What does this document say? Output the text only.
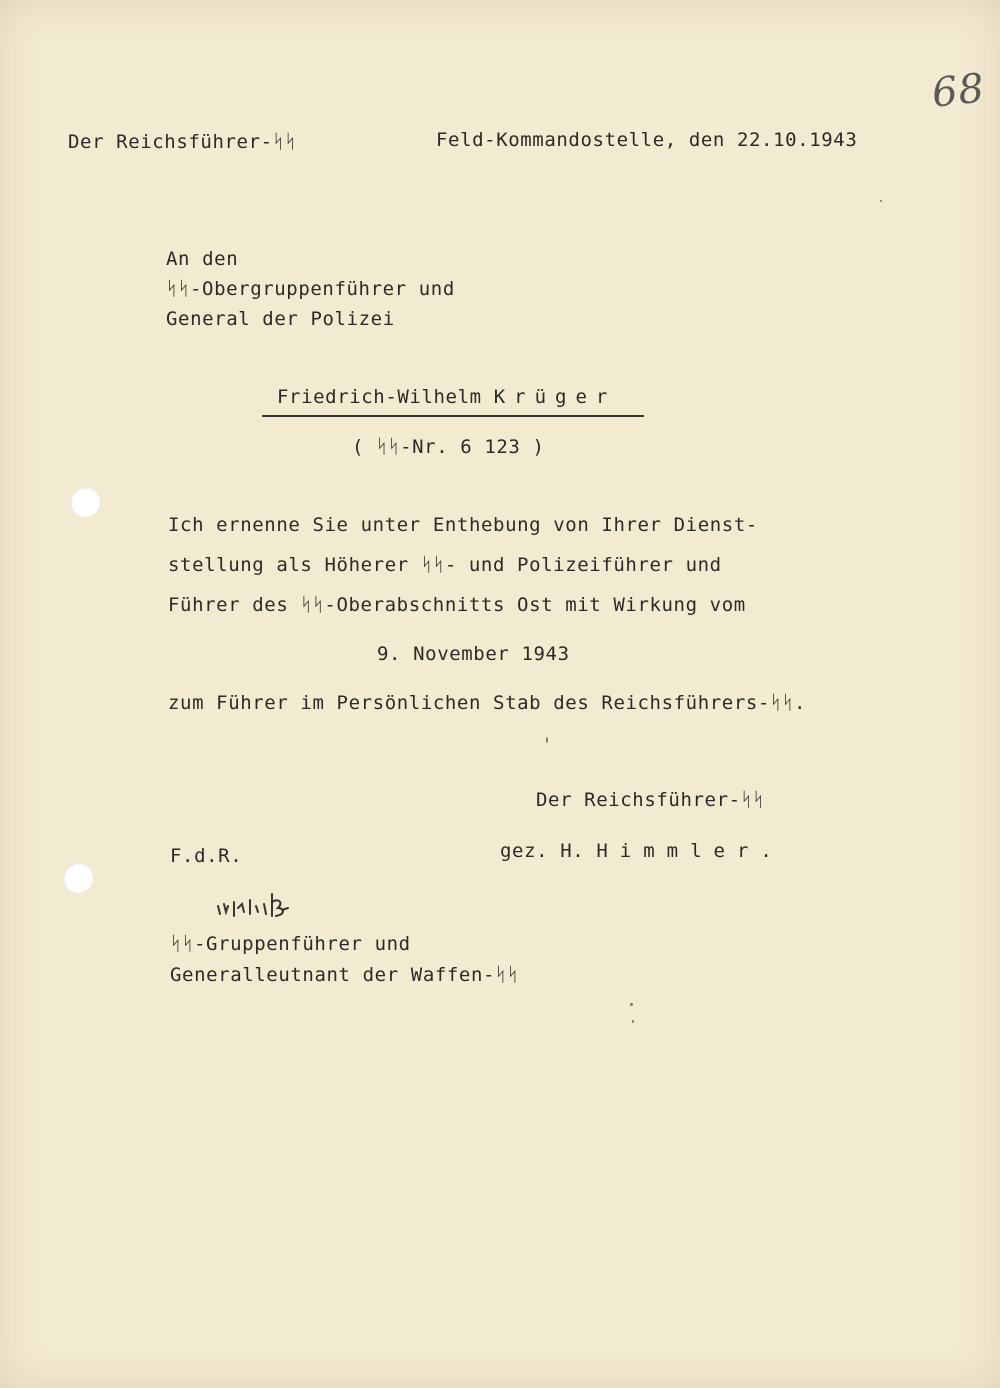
68
Der Reichsführer-ᛋᛋ	Feld-Kommandostelle, den 22.10.1943
An den
ᛋᛋ-Obergruppenführer und
General der Polizei
Friedrich-Wilhelm Krüger
( ᛋᛋ-Nr. 6 123 )
Ich ernenne Sie unter Enthebung von Ihrer Dienst-
stellung als Höherer ᛋᛋ- und Polizeiführer und
Führer des ᛋᛋ-Oberabschnitts Ost mit Wirkung vom
9. November 1943
zum Führer im Persönlichen Stab des Reichsführers-ᛋᛋ.
Der Reichsführer-ᛋᛋ
gez. H. Himmler.
F.d.R.
ᛋᛋ-Gruppenführer und
Generalleutnant der Waffen-ᛋᛋ
